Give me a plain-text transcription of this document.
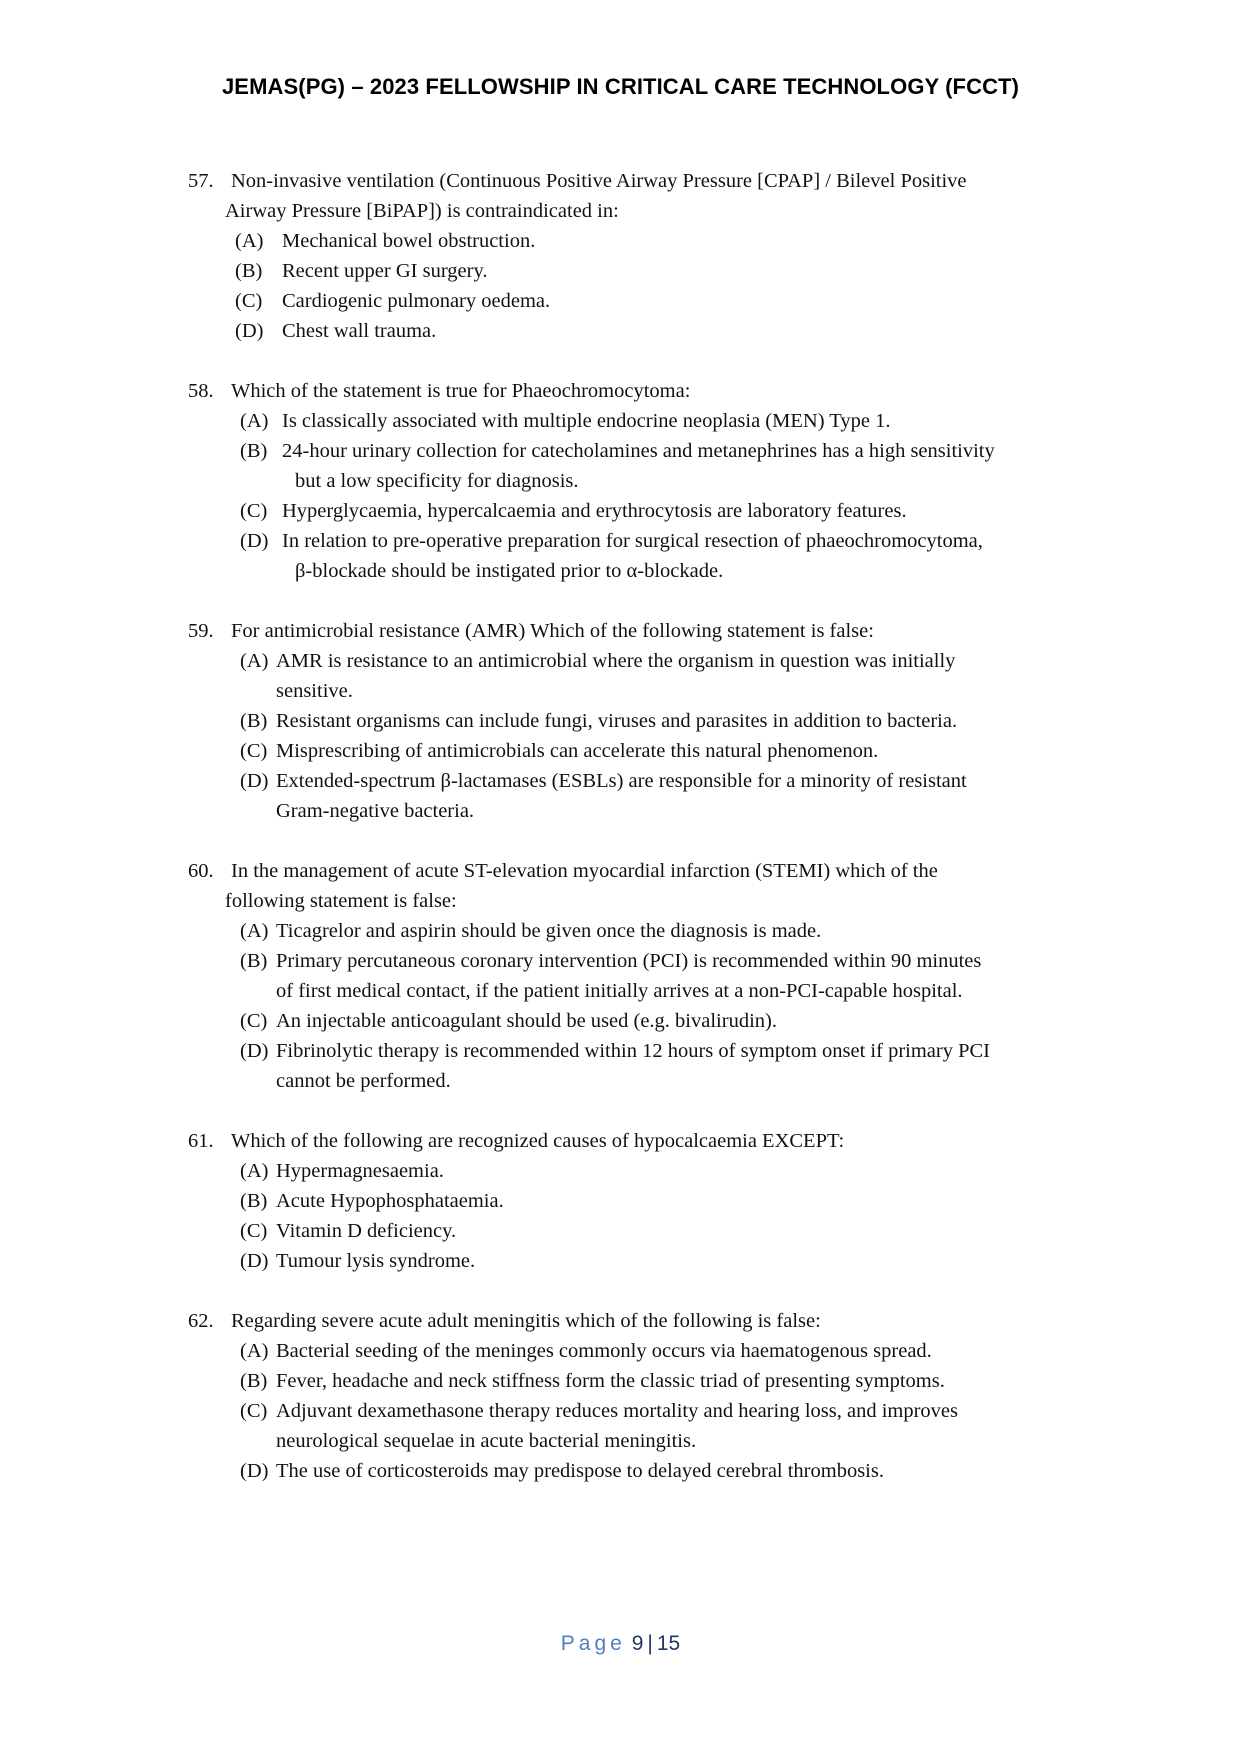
JEMAS(PG) – 2023 FELLOWSHIP IN CRITICAL CARE TECHNOLOGY (FCCT)
57. Non-invasive ventilation (Continuous Positive Airway Pressure [CPAP] / Bilevel Positive
Airway Pressure [BiPAP]) is contraindicated in:
(A) Mechanical bowel obstruction.
(B) Recent upper GI surgery.
(C) Cardiogenic pulmonary oedema.
(D) Chest wall trauma.
58. Which of the statement is true for Phaeochromocytoma:
(A) Is classically associated with multiple endocrine neoplasia (MEN) Type 1.
(B) 24-hour urinary collection for catecholamines and metanephrines has a high sensitivity
but a low specificity for diagnosis.
(C) Hyperglycaemia, hypercalcaemia and erythrocytosis are laboratory features.
(D) In relation to pre-operative preparation for surgical resection of phaeochromocytoma,
β-blockade should be instigated prior to α-blockade.
59. For antimicrobial resistance (AMR) Which of the following statement is false:
(A) AMR is resistance to an antimicrobial where the organism in question was initially
sensitive.
(B) Resistant organisms can include fungi, viruses and parasites in addition to bacteria.
(C) Misprescribing of antimicrobials can accelerate this natural phenomenon.
(D) Extended-spectrum β-lactamases (ESBLs) are responsible for a minority of resistant
Gram-negative bacteria.
60. In the management of acute ST-elevation myocardial infarction (STEMI) which of the
following statement is false:
(A) Ticagrelor and aspirin should be given once the diagnosis is made.
(B) Primary percutaneous coronary intervention (PCI) is recommended within 90 minutes
of first medical contact, if the patient initially arrives at a non-PCI-capable hospital.
(C) An injectable anticoagulant should be used (e.g. bivalirudin).
(D) Fibrinolytic therapy is recommended within 12 hours of symptom onset if primary PCI
cannot be performed.
61. Which of the following are recognized causes of hypocalcaemia EXCEPT:
(A) Hypermagnesaemia.
(B) Acute Hypophosphataemia.
(C) Vitamin D deficiency.
(D) Tumour lysis syndrome.
62. Regarding severe acute adult meningitis which of the following is false:
(A) Bacterial seeding of the meninges commonly occurs via haematogenous spread.
(B) Fever, headache and neck stiffness form the classic triad of presenting symptoms.
(C) Adjuvant dexamethasone therapy reduces mortality and hearing loss, and improves
neurological sequelae in acute bacterial meningitis.
(D) The use of corticosteroids may predispose to delayed cerebral thrombosis.
Page 9 | 15
